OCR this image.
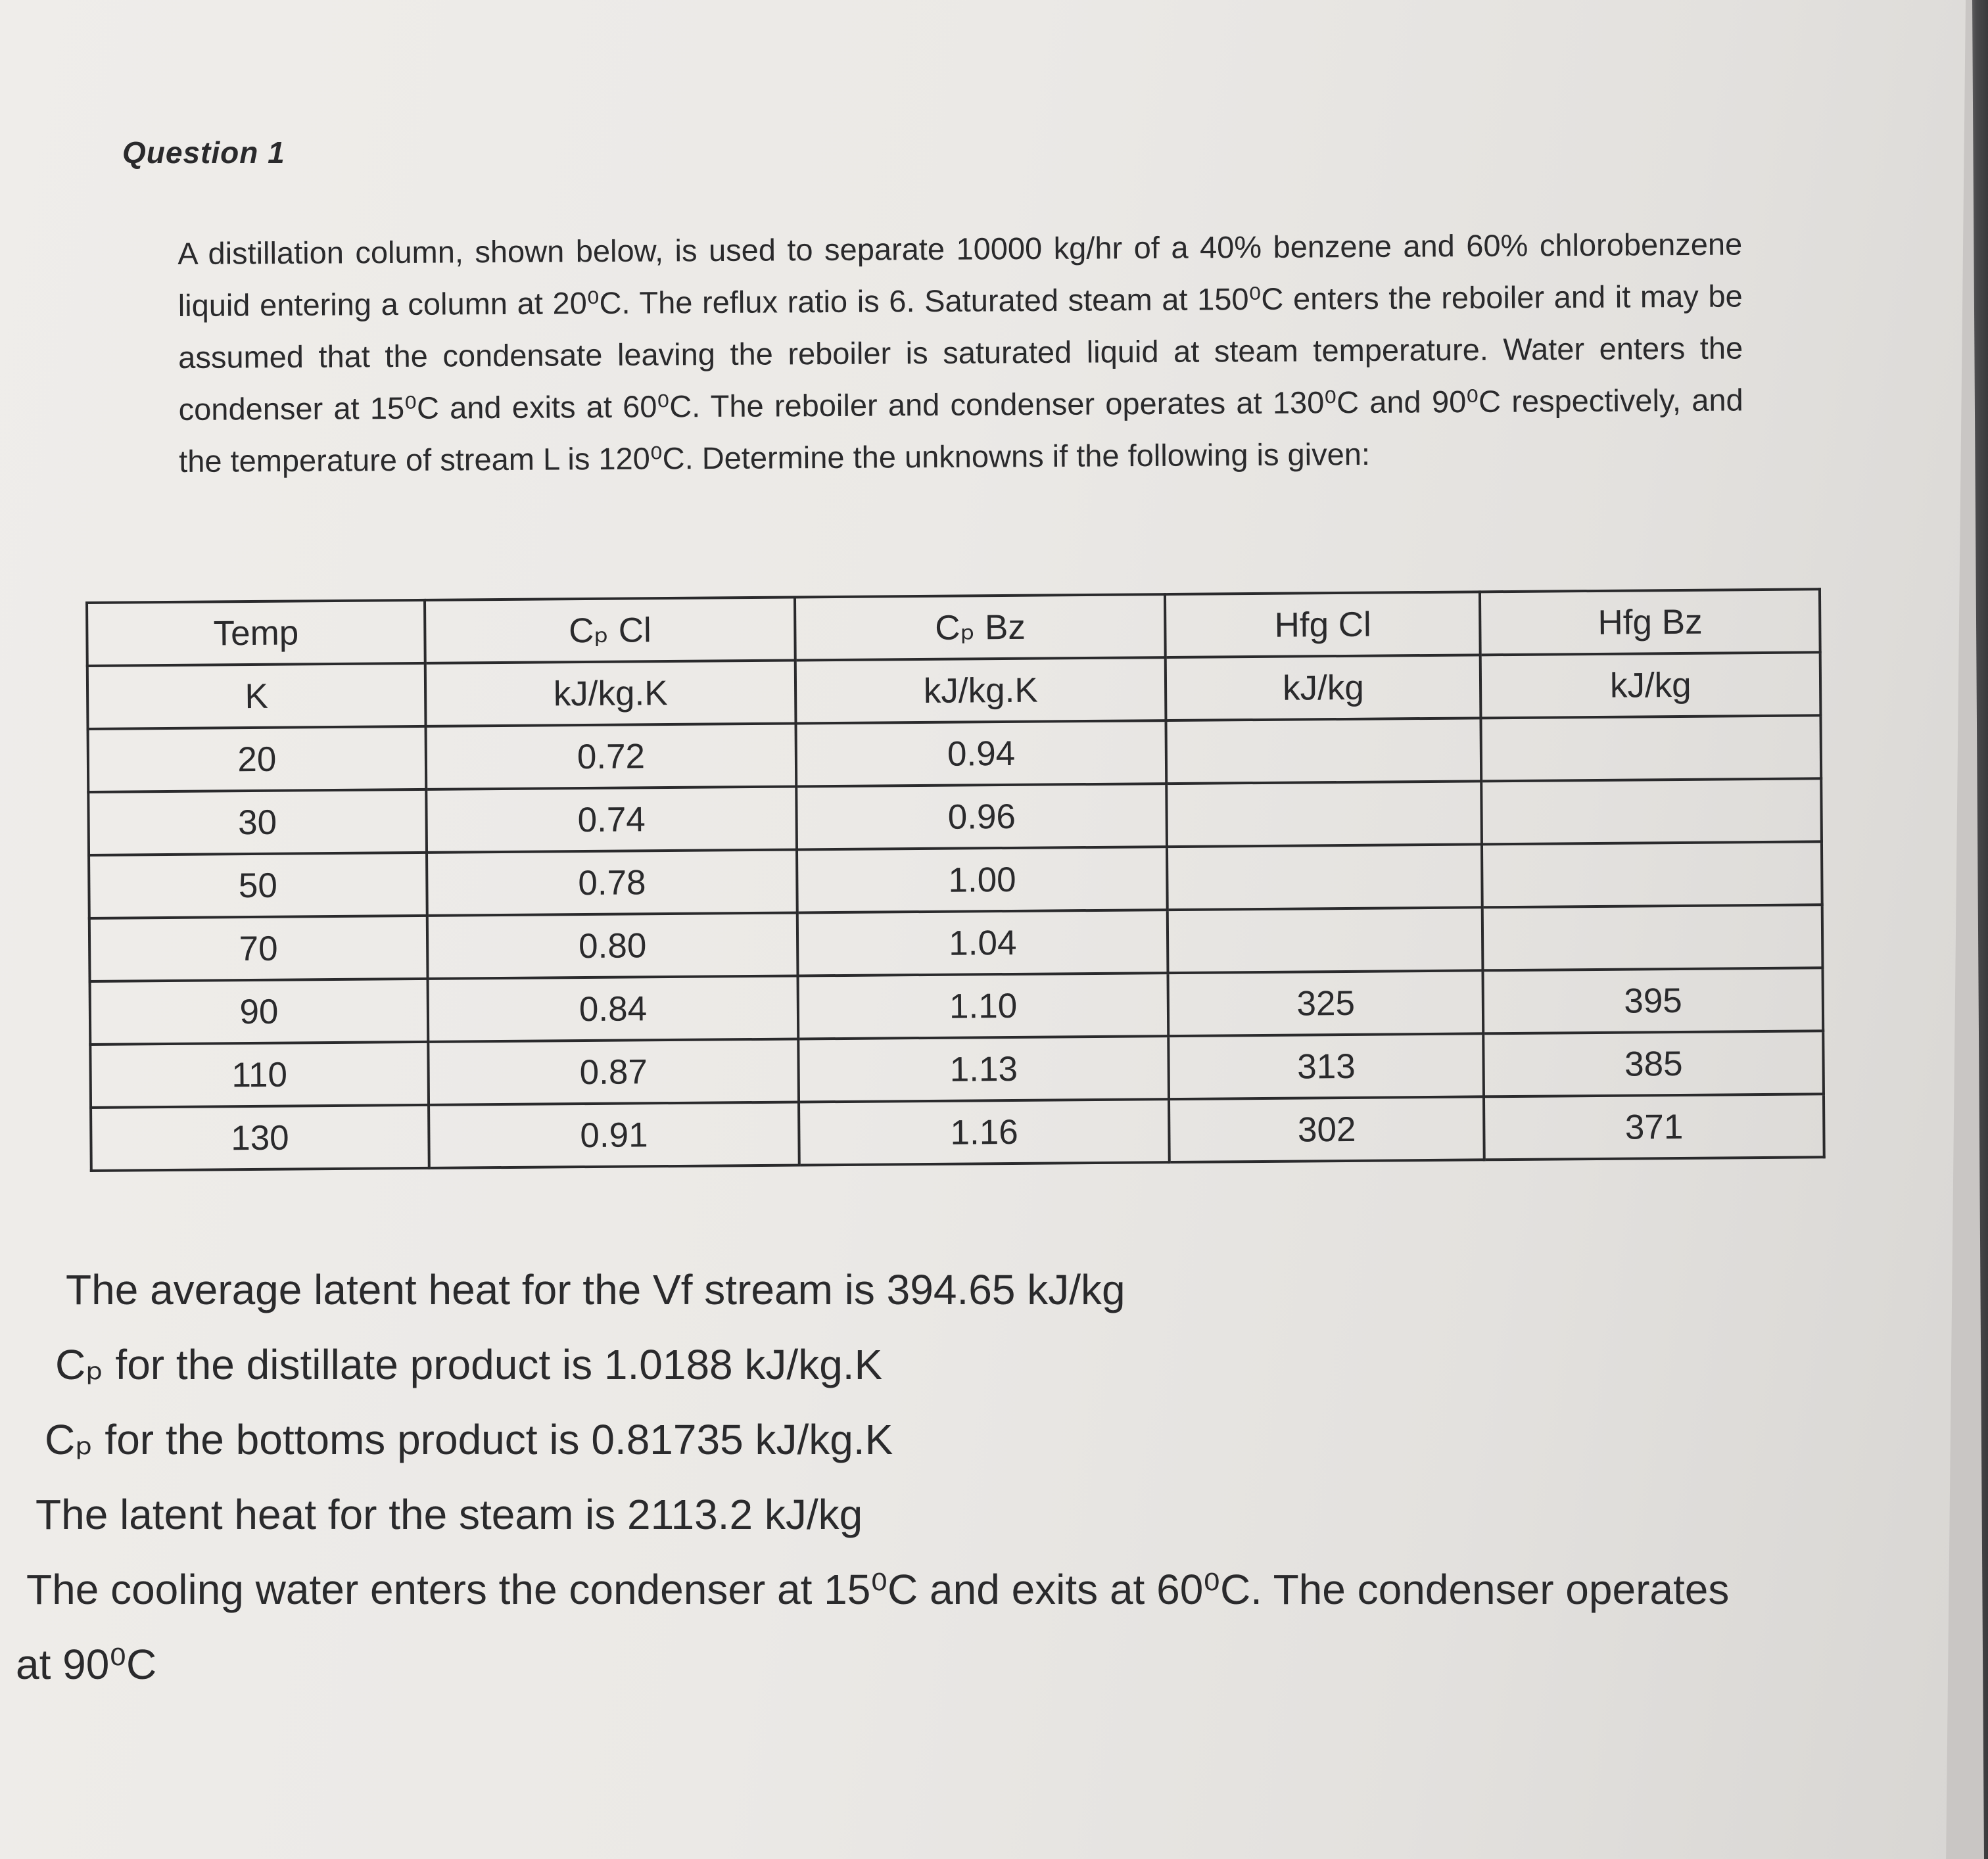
Question 1
A distillation column, shown below, is used to separate 10000 kg/hr of a 40% benzene and 60% chlorobenzene liquid entering a column at 20⁰C. The reflux ratio is 6. Saturated steam at 150⁰C enters the reboiler and it may be assumed that the condensate leaving the reboiler is saturated liquid at steam temperature. Water enters the condenser at 15⁰C and exits at 60⁰C. The reboiler and condenser operates at 130⁰C and 90⁰C respectively, and the temperature of stream L is 120⁰C. Determine the unknowns if the following is given:
Temp	Cₚ Cl	Cₚ Bz	Hfg Cl	Hfg Bz
K	kJ/kg.K	kJ/kg.K	kJ/kg	kJ/kg
20	0.72	0.94		
30	0.74	0.96		
50	0.78	1.00		
70	0.80	1.04		
90	0.84	1.10	325	395
110	0.87	1.13	313	385
130	0.91	1.16	302	371
The average latent heat for the Vf stream is 394.65 kJ/kg
Cₚ for the distillate product is 1.0188 kJ/kg.K
Cₚ for the bottoms product is 0.81735 kJ/kg.K
The latent heat for the steam is 2113.2 kJ/kg
The cooling water enters the condenser at 15⁰C and exits at 60⁰C. The condenser operates
at 90⁰C
